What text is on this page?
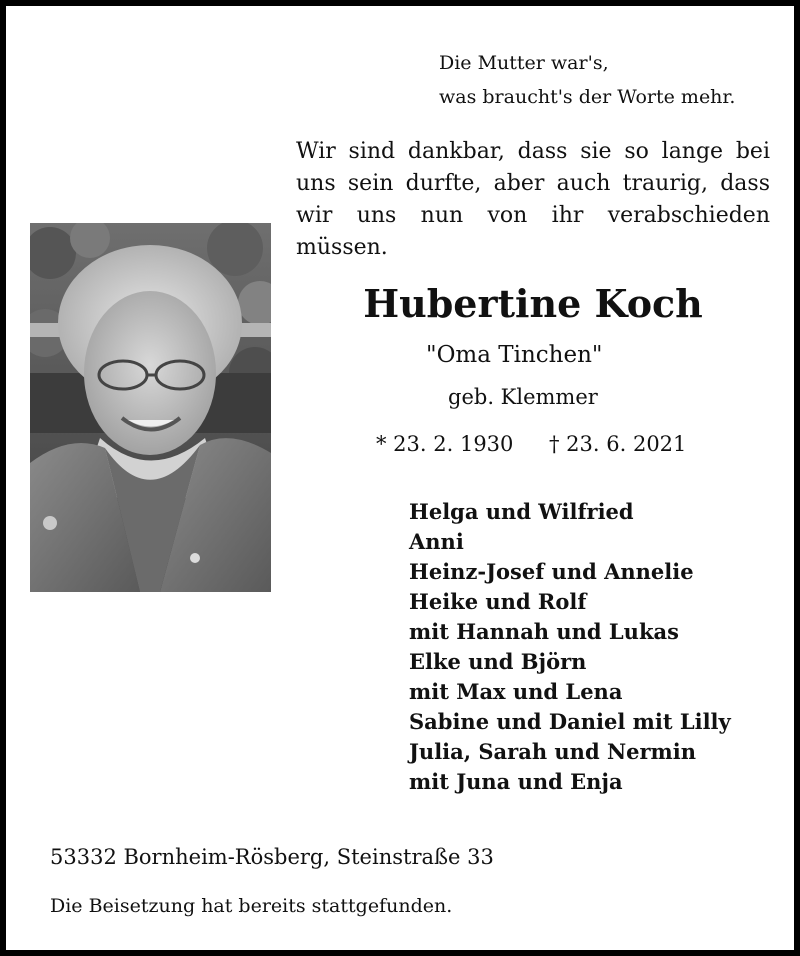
Die Mutter war's,
was braucht's der Worte mehr.
Wir sind dankbar, dass sie so lange bei
uns sein durfte, aber auch traurig, dass
wir uns nun von ihr verabschieden
müssen.
Hubertine Koch
"Oma Tinchen"
geb. Klemmer
* 23. 2. 1930 † 23. 6. 2021
Helga und Wilfried
Anni
Heinz-Josef und Annelie
Heike und Rolf
mit Hannah und Lukas
Elke und Björn
mit Max und Lena
Sabine und Daniel mit Lilly
Julia, Sarah und Nermin
mit Juna und Enja
53332 Bornheim-Rösberg, Steinstraße 33
Die Beisetzung hat bereits stattgefunden.
